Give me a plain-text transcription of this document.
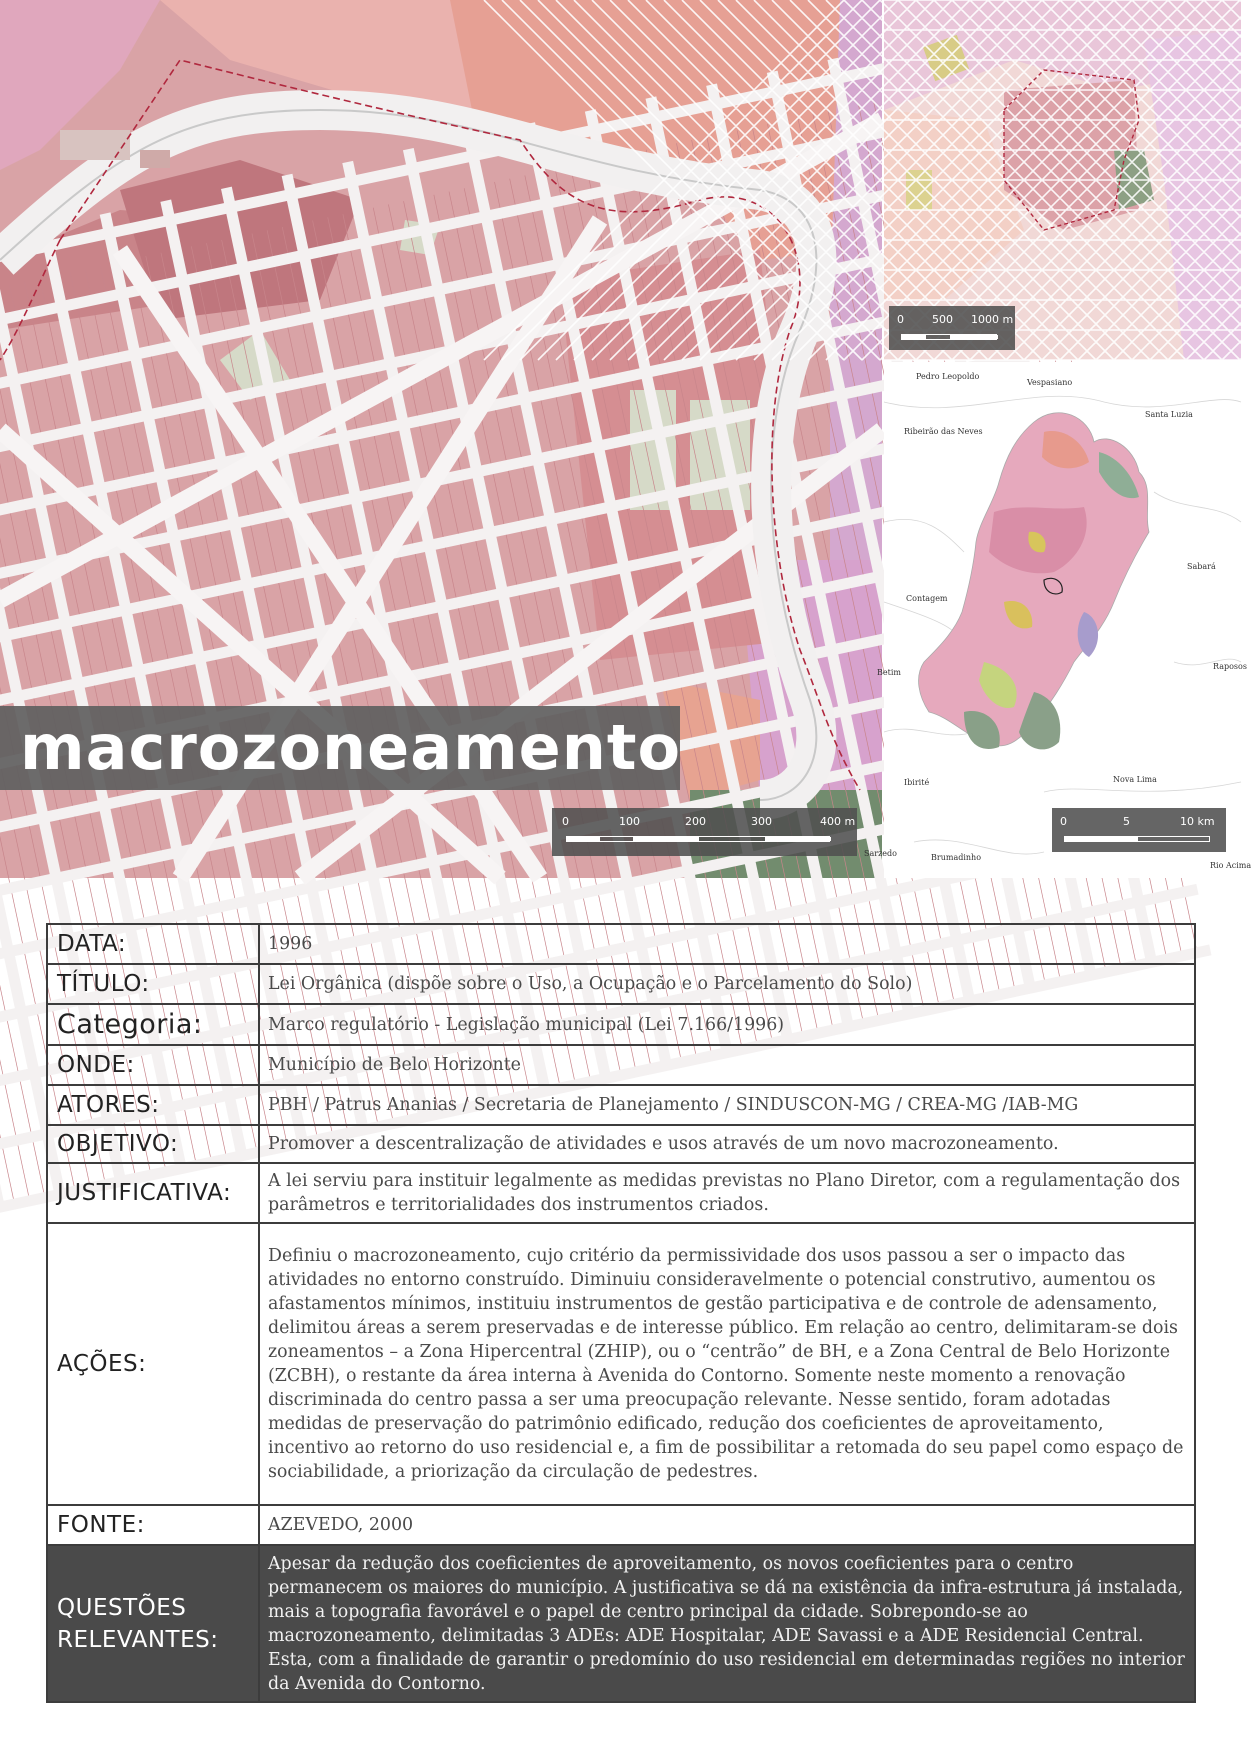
macrozoneamento
0	100	200	300	400 m
0	500 1000 m
Pedro Leopoldo
Vespasiano
Santa Luzia
Ribeirão das Neves
Sabará
Contagem
Betim
Raposos
Ibirité	Nova Lima
Sarzedo	Brumadinho
Rio Acima
0	5	10 km
DATA:	1996
TÍTULO:	Lei Orgânica (dispõe sobre o Uso, a Ocupação e o Parcelamento do Solo)
Categoria:	Marco regulatório - Legislação municipal (Lei 7.166/1996)
ONDE:	Município de Belo Horizonte
ATORES:	PBH / Patrus Ananias / Secretaria de Planejamento / SINDUSCON-MG / CREA-MG /IAB-MG
OBJETIVO:	Promover a descentralização de atividades e usos através de um novo macrozoneamento.
JUSTIFICATIVA:	A lei serviu para instituir legalmente as medidas previstas no Plano Diretor, com a regulamentação dos parâmetros e territorialidades dos instrumentos criados.
AÇÕES:	Definiu o macrozoneamento, cujo critério da permissividade dos usos passou a ser o impacto das atividades no entorno construído. Diminuiu consideravelmente o potencial construtivo, aumentou os afastamentos mínimos, instituiu instrumentos de gestão participativa e de controle de adensamento, delimitou áreas a serem preservadas e de interesse público. Em relação ao centro, delimitaram-se dois zoneamentos – a Zona Hipercentral (ZHIP), ou o “centrão” de BH, e a Zona Central de Belo Horizonte (ZCBH), o restante da área interna à Avenida do Contorno. Somente neste momento a renovação discriminada do centro passa a ser uma preocupação relevante. Nesse sentido, foram adotadas medidas de preservação do patrimônio edificado, redução dos coeficientes de aproveitamento, incentivo ao retorno do uso residencial e, a fim de possibilitar a retomada do seu papel como espaço de sociabilidade, a priorização da circulação de pedestres.
FONTE:	AZEVEDO, 2000
QUESTÕES RELEVANTES:	Apesar da redução dos coeficientes de aproveitamento, os novos coeficientes para o centro permanecem os maiores do município. A justificativa se dá na existência da infra-estrutura já instalada, mais a topografia favorável e o papel de centro principal da cidade. Sobrepondo-se ao macrozoneamento, delimitadas 3 ADEs: ADE Hospitalar, ADE Savassi e a ADE Residencial Central. Esta, com a finalidade de garantir o predomínio do uso residencial em determinadas regiões no interior da Avenida do Contorno.
